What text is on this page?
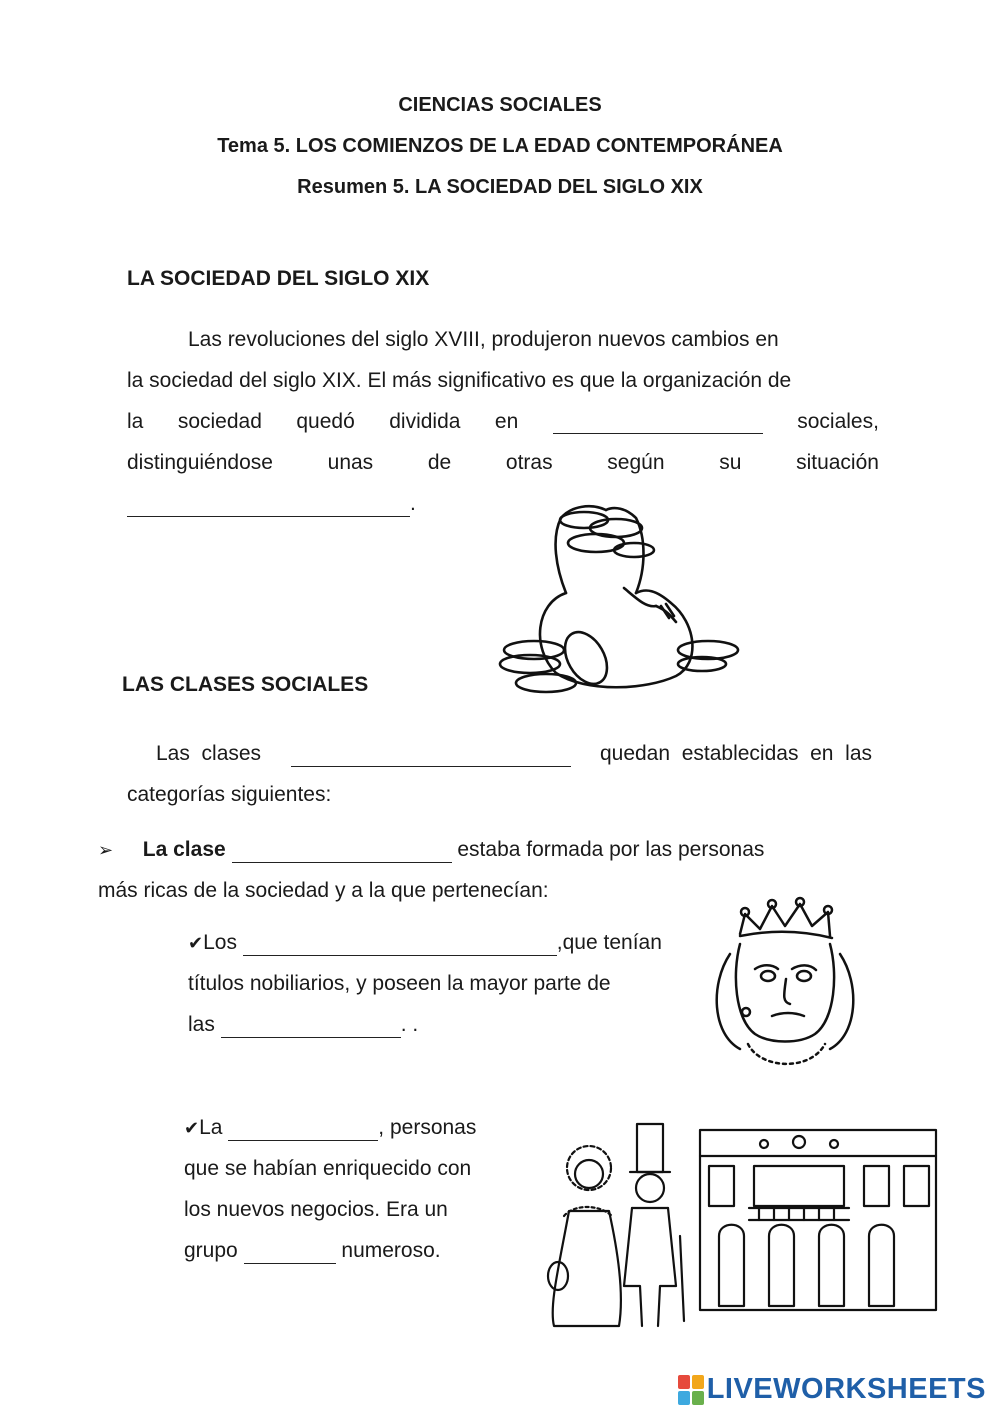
CIENCIAS SOCIALES
Tema 5. LOS COMIENZOS DE LA EDAD CONTEMPORÁNEA
Resumen 5. LA SOCIEDAD DEL SIGLO XIX
LA SOCIEDAD DEL SIGLO XIX
Las revoluciones del siglo XVIII, produjeron nuevos cambios en
la sociedad del siglo XIX. El más significativo es que la organización de
la sociedad quedó dividida en	sociales,
distinguiéndose	unas	de	otras	según	su	situación
.
LAS CLASES SOCIALES
Las  clases	quedan  establecidas  en  las
categorías siguientes:
➢ La clase	estaba formada por las personas
más ricas de la sociedad y a la que pertenecían:
✔Los	,que tenían
títulos nobiliarios, y poseen la mayor parte de
las	. .
✔La	, personas
que se habían enriquecido con
los nuevos negocios. Era un
grupo	numeroso.
LIVEWORKSHEETS
